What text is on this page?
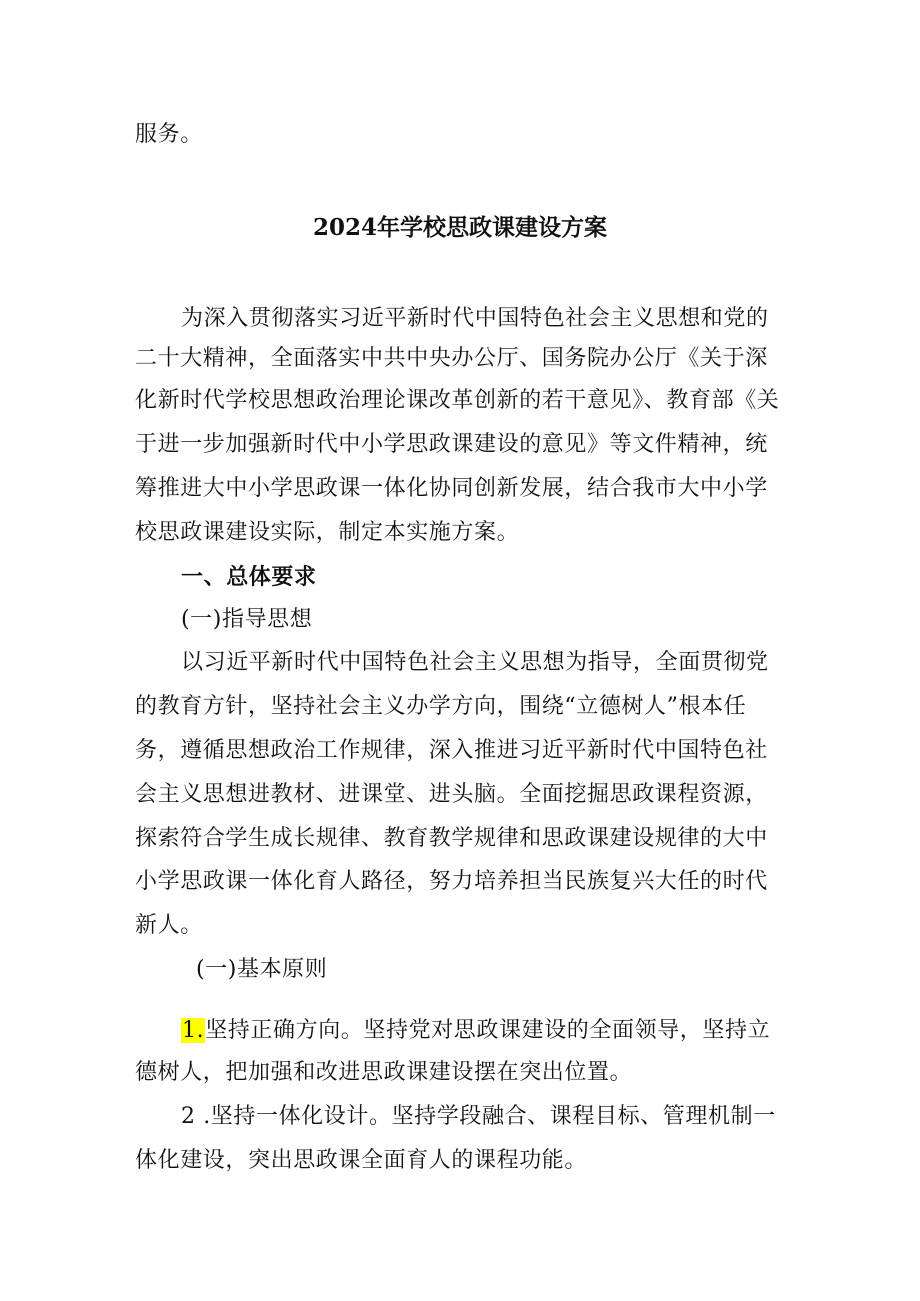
服务。
2024年学校思政课建设方案
为深入贯彻落实习近平新时代中国特色社会主义思想和党的
二十大精神，全面落实中共中央办公厅、国务院办公厅《关于深
化新时代学校思想政治理论课改革创新的若干意见》、教育部《关
于进一步加强新时代中小学思政课建设的意见》等文件精神，统
筹推进大中小学思政课一体化协同创新发展，结合我市大中小学
校思政课建设实际，制定本实施方案。
一、总体要求
(一)指导思想
以习近平新时代中国特色社会主义思想为指导，全面贯彻党
的教育方针，坚持社会主义办学方向，围绕“立德树人”根本任
务，遵循思想政治工作规律，深入推进习近平新时代中国特色社
会主义思想进教材、进课堂、进头脑。全面挖掘思政课程资源，
探索符合学生成长规律、教育教学规律和思政课建设规律的大中
小学思政课一体化育人路径，努力培养担当民族复兴大任的时代
新人。
(一)基本原则
1.坚持正确方向。坚持党对思政课建设的全面领导，坚持立
德树人，把加强和改进思政课建设摆在突出位置。
2 .坚持一体化设计。坚持学段融合、课程目标、管理机制一
体化建设，突出思政课全面育人的课程功能。
